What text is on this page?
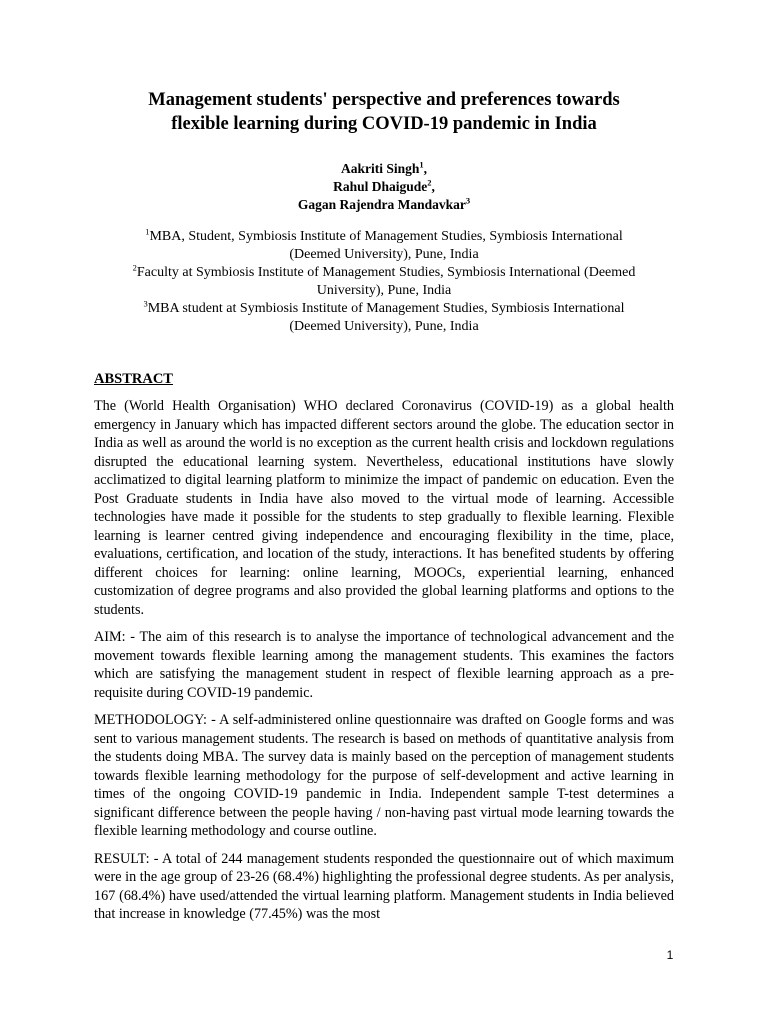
Management students' perspective and preferences towards
flexible learning during COVID-19 pandemic in India
Aakriti Singh$^1$,
Rahul Dhaigude$^2$,
Gagan Rajendra Mandavkar$^3$
$^1$MBA, Student, Symbiosis Institute of Management Studies, Symbiosis International
(Deemed University), Pune, India
$^2$Faculty at Symbiosis Institute of Management Studies, Symbiosis International (Deemed
University), Pune, India
$^3$MBA student at Symbiosis Institute of Management Studies, Symbiosis International
(Deemed University), Pune, India
ABSTRACT

The (World Health Organisation) WHO declared Coronavirus (COVID-19) as a global health emergency in January which has impacted different sectors around the globe. The education sector in India as well as around the world is no exception as the current health crisis and lockdown regulations disrupted the educational learning system. Nevertheless, educational institutions have slowly acclimatized to digital learning platform to minimize the impact of pandemic on education. Even the Post Graduate students in India have also moved to the virtual mode of learning. Accessible technologies have made it possible for the students to step gradually to flexible learning. Flexible learning is learner centred giving independence and encouraging flexibility in the time, place, evaluations, certification, and location of the study, interactions. It has benefited students by offering different choices for learning: online learning, MOOCs, experiential learning, enhanced customization of degree programs and also provided the global learning platforms and options to the students.

AIM: - The aim of this research is to analyse the importance of technological advancement and the movement towards flexible learning among the management students. This examines the factors which are satisfying the management student in respect of flexible learning approach as a pre-requisite during COVID-19 pandemic.

METHODOLOGY: - A self-administered online questionnaire was drafted on Google forms and was sent to various management students. The research is based on methods of quantitative analysis from the students doing MBA. The survey data is mainly based on the perception of management students towards flexible learning methodology for the purpose of self-development and active learning in times of the ongoing COVID-19 pandemic in India. Independent sample T-test determines a significant difference between the people having / non-having past virtual mode learning towards the flexible learning methodology and course outline.

RESULT: - A total of 244 management students responded the questionnaire out of which maximum were in the age group of 23-26 (68.4%) highlighting the professional degree students. As per analysis, 167 (68.4%) have used/attended the virtual learning platform. Management students in India believed that increase in knowledge (77.45%) was the most

1
